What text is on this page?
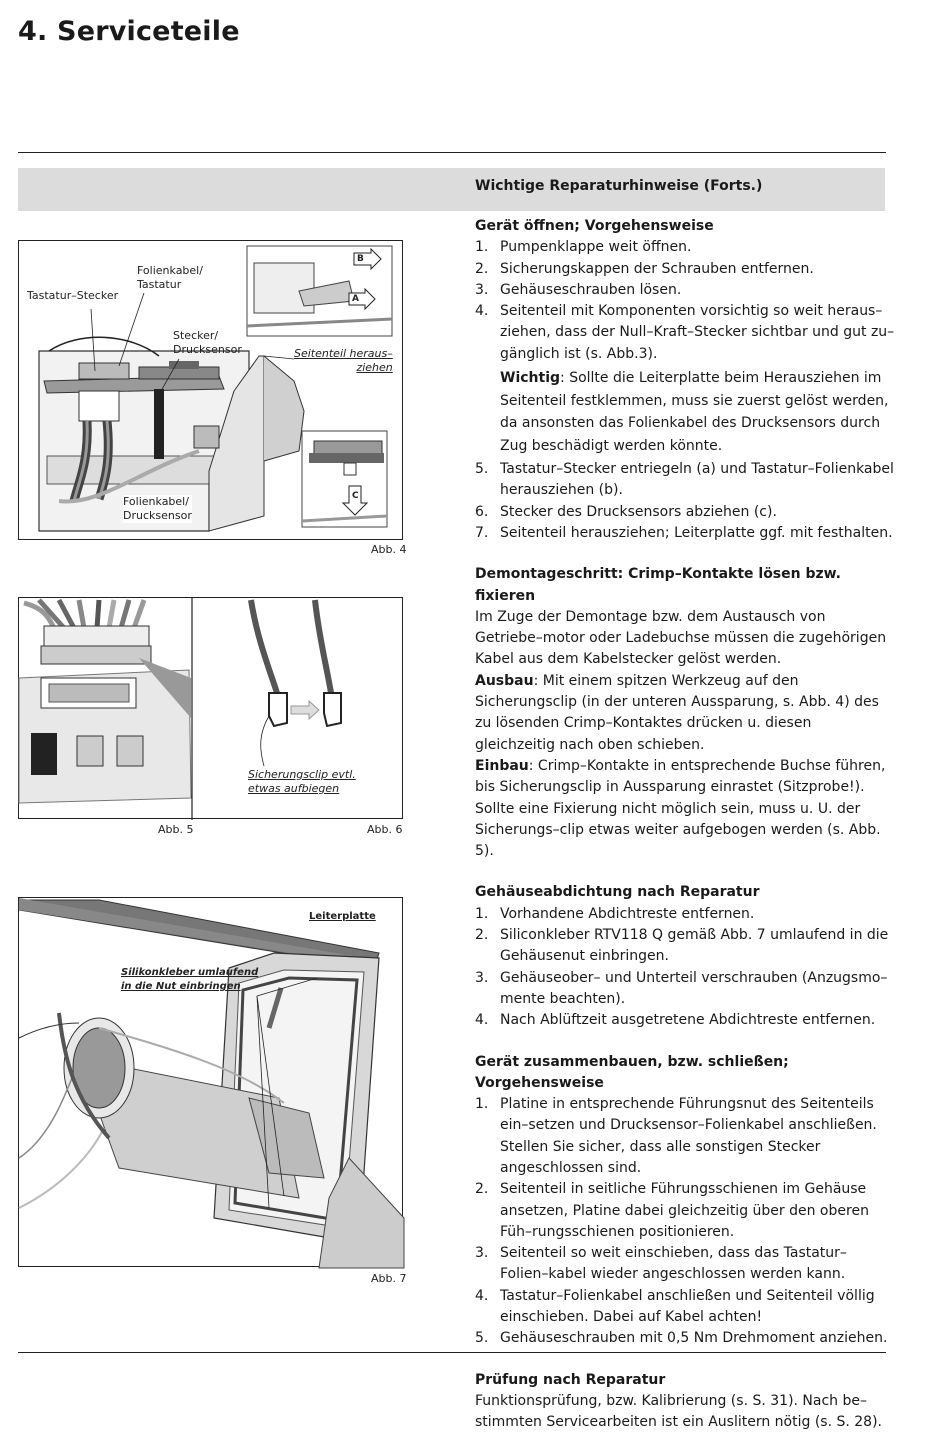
4. Serviceteile
Wichtige Reparaturhinweise (Forts.)
Folienkabel/
Tastatur
Tastatur–Stecker
Stecker/
Drucksensor	Seitenteil heraus–
ziehen
Folienkabel/
Drucksensor
B
A
C
Abb. 4
Sicherungsclip evtl.
etwas aufbiegen
Abb. 5	Abb. 6
Leiterplatte
Silikonkleber umlaufend
in die Nut einbringen
Abb. 7
Gerät öffnen; Vorgehensweise
1. Pumpenklappe weit öffnen.
2. Sicherungskappen der Schrauben entfernen.
3. Gehäuseschrauben lösen.
4. Seitenteil mit Komponenten vorsichtig so weit heraus–ziehen, dass der Null–Kraft–Stecker sichtbar und gut zu–gänglich ist (s. Abb.3).
Wichtig: Sollte die Leiterplatte beim Herausziehen im Seitenteil festklemmen, muss sie zuerst gelöst werden, da ansonsten das Folienkabel des Drucksensors durch Zug beschädigt werden könnte.
5. Tastatur–Stecker entriegeln (a) und Tastatur–Folienkabel herausziehen (b).
6. Stecker des Drucksensors abziehen (c).
7. Seitenteil herausziehen; Leiterplatte ggf. mit festhalten.
Demontageschritt: Crimp–Kontakte lösen bzw. fixieren

Im Zuge der Demontage bzw. dem Austausch von Getriebe–motor oder Ladebuchse müssen die zugehörigen Kabel aus dem Kabelstecker gelöst werden.

Ausbau: Mit einem spitzen Werkzeug auf den Sicherungsclip (in der unteren Aussparung, s. Abb. 4) des zu lösenden Crimp–Kontaktes drücken u. diesen gleichzeitig nach oben schieben.

Einbau: Crimp–Kontakte in entsprechende Buchse führen, bis Sicherungsclip in Aussparung einrastet (Sitzprobe!). Sollte eine Fixierung nicht möglich sein, muss u. U. der Sicherungs–clip etwas weiter aufgebogen werden (s. Abb. 5).

Gehäuseabdichtung nach Reparatur
1. Vorhandene Abdichtreste entfernen.
2. Siliconkleber RTV118 Q gemäß Abb. 7 umlaufend in die Gehäusenut einbringen.
3. Gehäuseober– und Unterteil verschrauben (Anzugsmo–mente beachten).
4. Nach Ablüftzeit ausgetretene Abdichtreste entfernen.
Gerät zusammenbauen, bzw. schließen; Vorgehensweise
1. Platine in entsprechende Führungsnut des Seitenteils ein–setzen und Drucksensor–Folienkabel anschließen. Stellen Sie sicher, dass alle sonstigen Stecker angeschlossen sind.
2. Seitenteil in seitliche Führungsschienen im Gehäuse ansetzen, Platine dabei gleichzeitig über den oberen Füh–rungsschienen positionieren.
3. Seitenteil so weit einschieben, dass das Tastatur–Folien–kabel wieder angeschlossen werden kann.
4. Tastatur–Folienkabel anschließen und Seitenteil völlig einschieben. Dabei auf Kabel achten!
5. Gehäuseschrauben mit 0,5 Nm Drehmoment anziehen.
Prüfung nach Reparatur

Funktionsprüfung, bzw. Kalibrierung (s. S. 31). Nach be–stimmten Servicearbeiten ist ein Auslitern nötig (s. S. 28).
